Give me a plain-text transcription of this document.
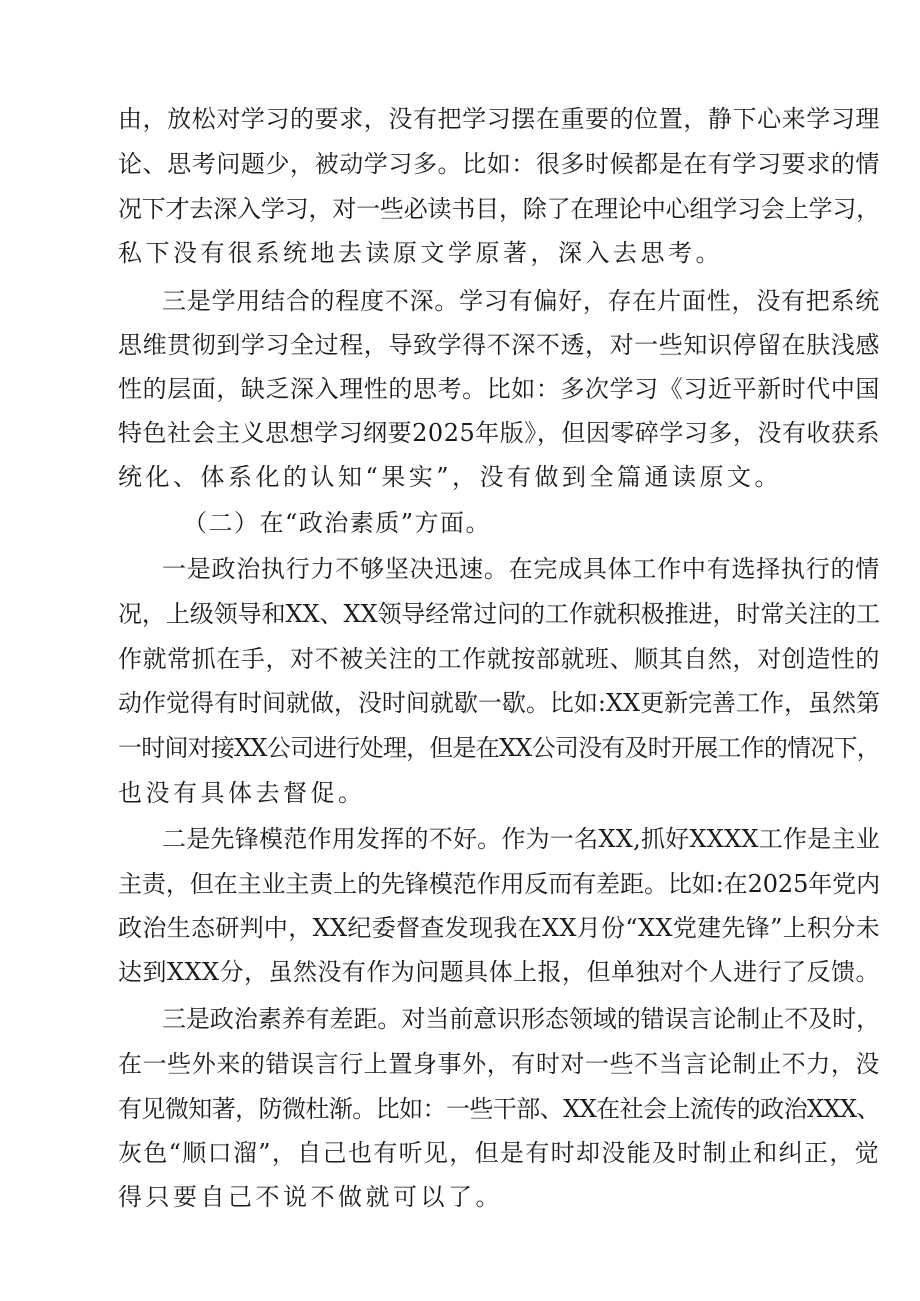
由，放松对学习的要求，没有把学习摆在重要的位置，静下心来学习理
论、思考问题少，被动学习多。比如：很多时候都是在有学习要求的情
况下才去深入学习，对一些必读书目，除了在理论中心组学习会上学习，
私下没有很系统地去读原文学原著，深入去思考。
三是学用结合的程度不深。学习有偏好，存在片面性，没有把系统
思维贯彻到学习全过程，导致学得不深不透，对一些知识停留在肤浅感
性的层面，缺乏深入理性的思考。比如：多次学习《习近平新时代中国
特色社会主义思想学习纲要2025年版》，但因零碎学习多，没有收获系
统化、体系化的认知“果实”，没有做到全篇通读原文。
（二）在“政治素质”方面。
一是政治执行力不够坚决迅速。在完成具体工作中有选择执行的情
况，上级领导和XX、XX领导经常过问的工作就积极推进，时常关注的工
作就常抓在手，对不被关注的工作就按部就班、顺其自然，对创造性的
动作觉得有时间就做，没时间就歇一歇。比如:XX更新完善工作，虽然第
一时间对接XX公司进行处理，但是在XX公司没有及时开展工作的情况下，
也没有具体去督促。
二是先锋模范作用发挥的不好。作为一名XX,抓好XXXX工作是主业
主责，但在主业主责上的先锋模范作用反而有差距。比如:在2025年党内
政治生态研判中，XX纪委督查发现我在XX月份“XX党建先锋”上积分未
达到XXX分，虽然没有作为问题具体上报，但单独对个人进行了反馈。
三是政治素养有差距。对当前意识形态领域的错误言论制止不及时，
在一些外来的错误言行上置身事外，有时对一些不当言论制止不力，没
有见微知著，防微杜渐。比如：一些干部、XX在社会上流传的政治XXX、
灰色“顺口溜”，自己也有听见，但是有时却没能及时制止和纠正，觉
得只要自己不说不做就可以了。
